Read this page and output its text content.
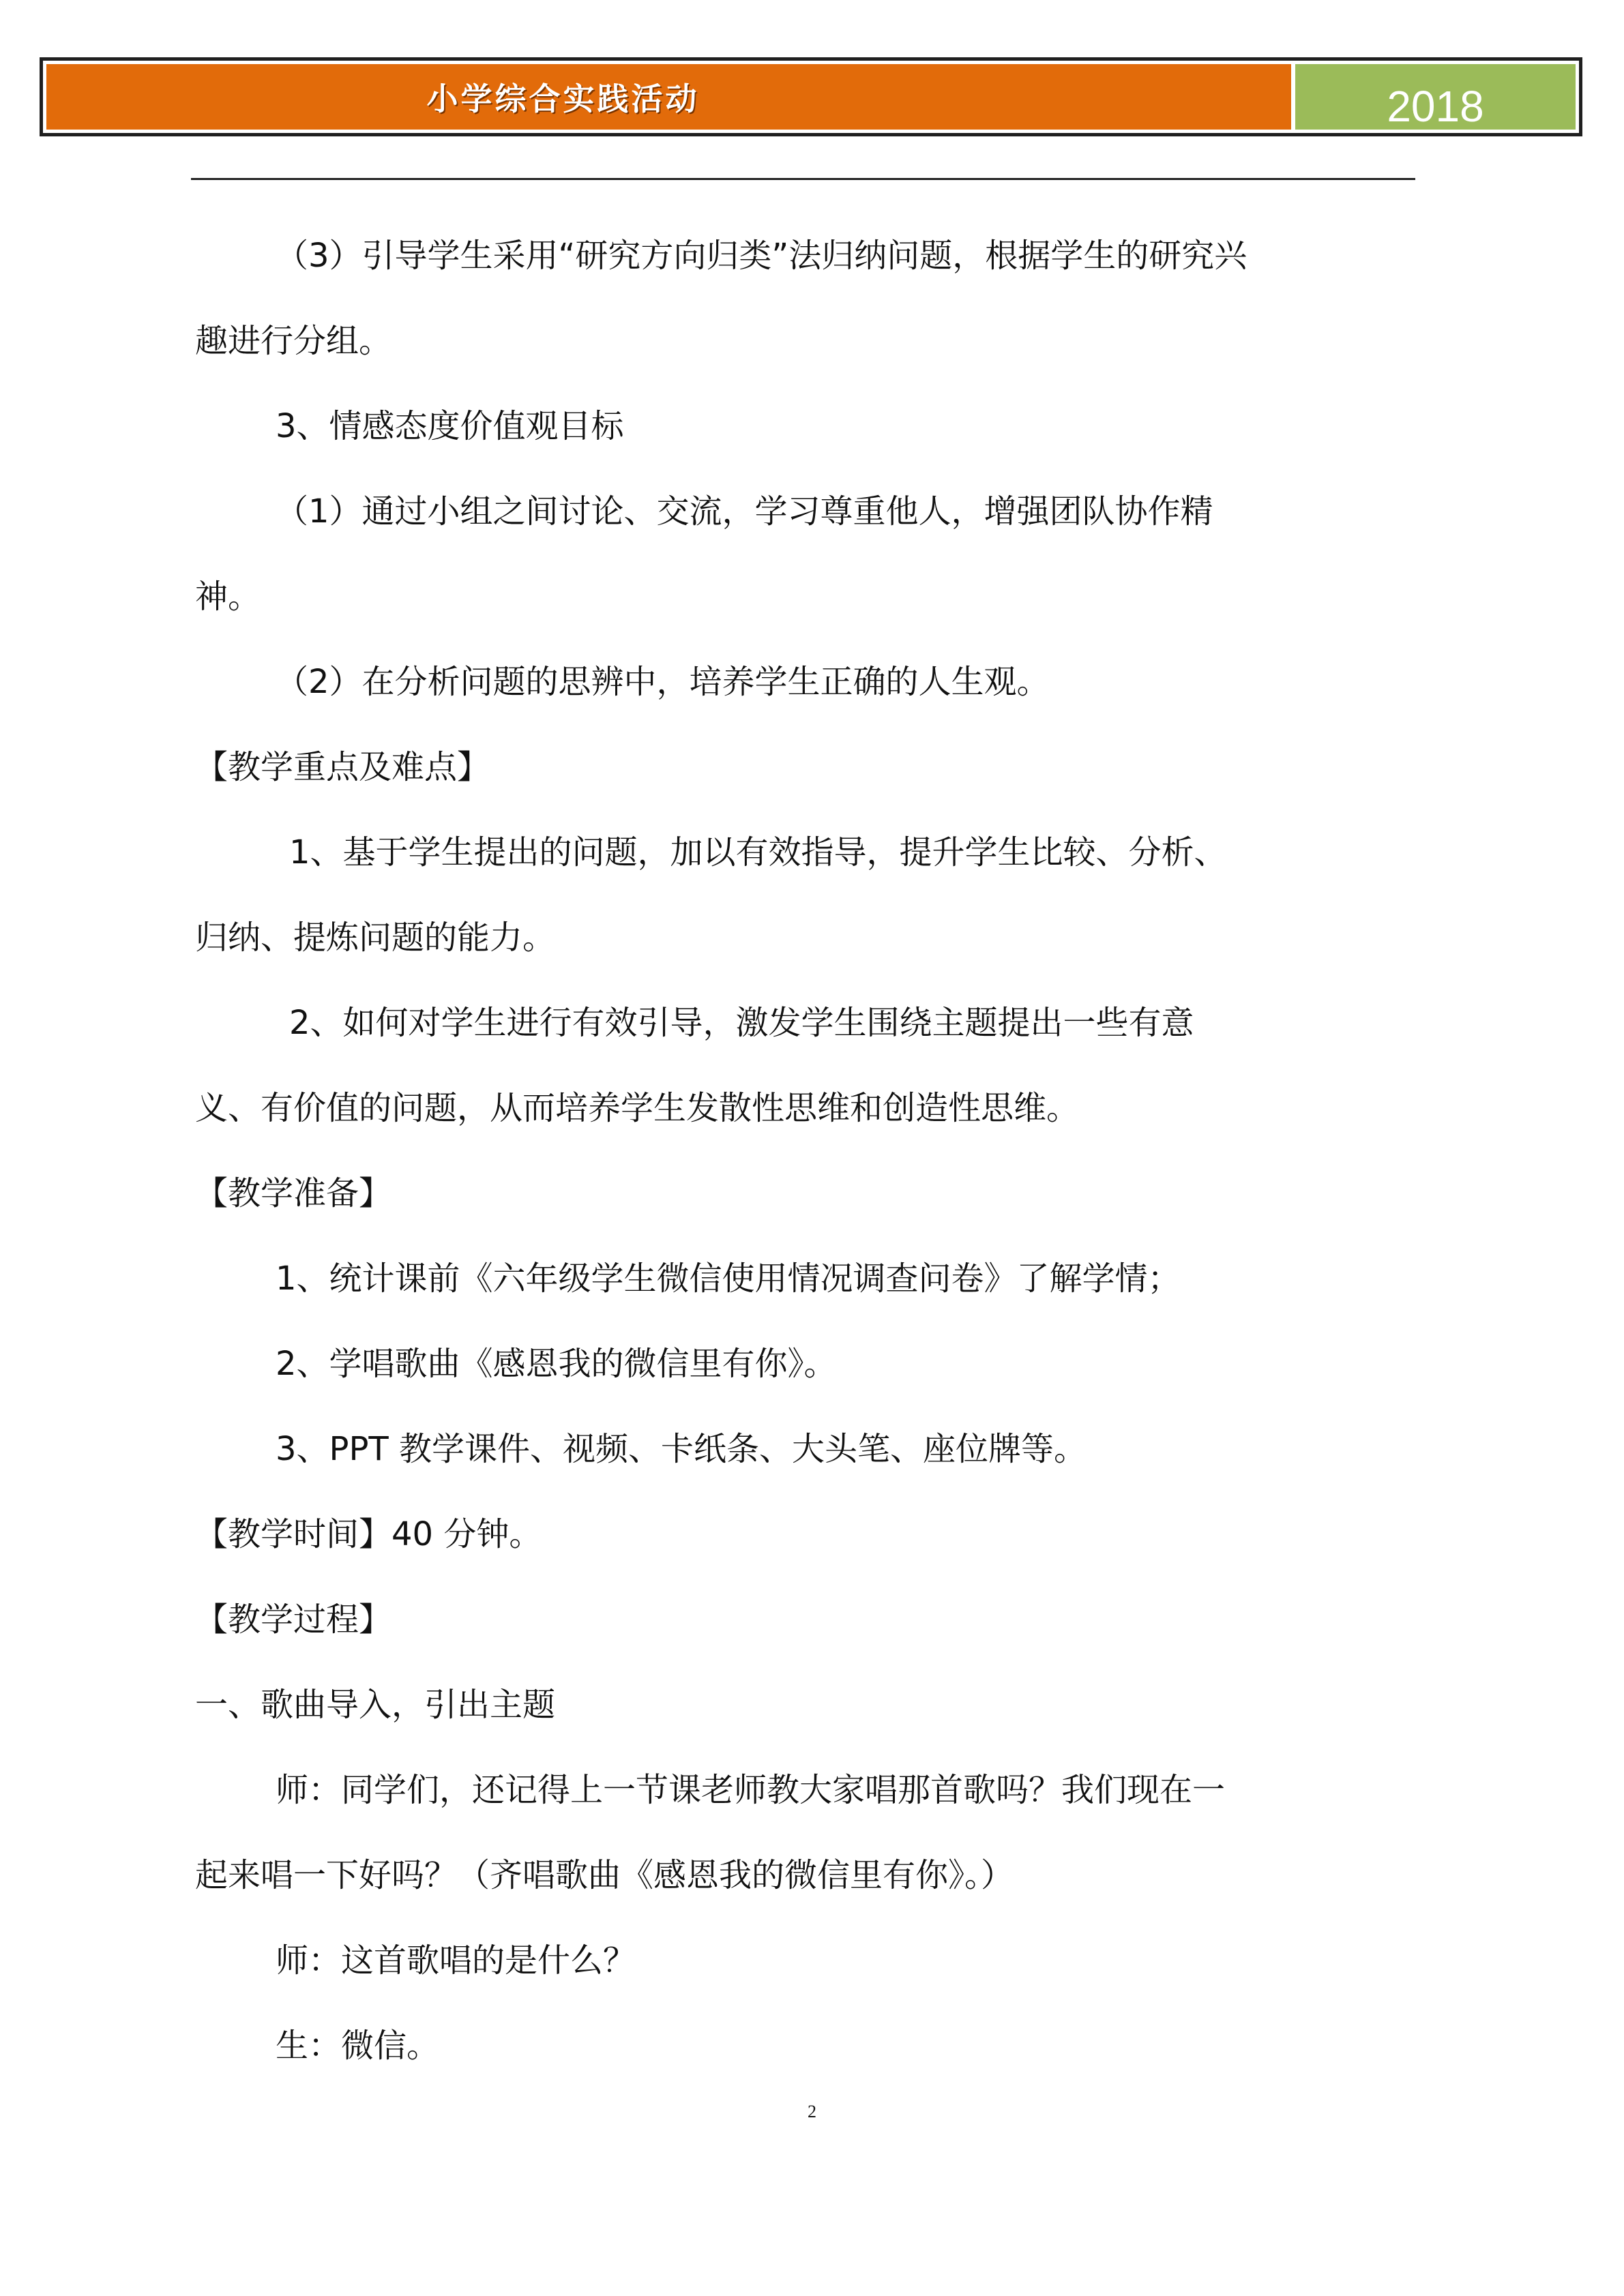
小学综合实践活动	2018
（3）引导学生采用“研究方向归类”法归纳问题，根据学生的研究兴
趣进行分组。
3、情感态度价值观目标
（1）通过小组之间讨论、交流，学习尊重他人，增强团队协作精
神。
（2）在分析问题的思辨中，培养学生正确的人生观。
【教学重点及难点】
1、基于学生提出的问题，加以有效指导，提升学生比较、分析、
归纳、提炼问题的能力。
2、如何对学生进行有效引导，激发学生围绕主题提出一些有意
义、有价值的问题，从而培养学生发散性思维和创造性思维。
【教学准备】
1、统计课前《六年级学生微信使用情况调查问卷》了解学情；
2、学唱歌曲《感恩我的微信里有你》。
3、PPT 教学课件、视频、卡纸条、大头笔、座位牌等。
【教学时间】40 分钟。
【教学过程】
一、歌曲导入，引出主题
师：同学们，还记得上一节课老师教大家唱那首歌吗？我们现在一
起来唱一下好吗？（齐唱歌曲《感恩我的微信里有你》。）
师：这首歌唱的是什么？
生：微信。
2
